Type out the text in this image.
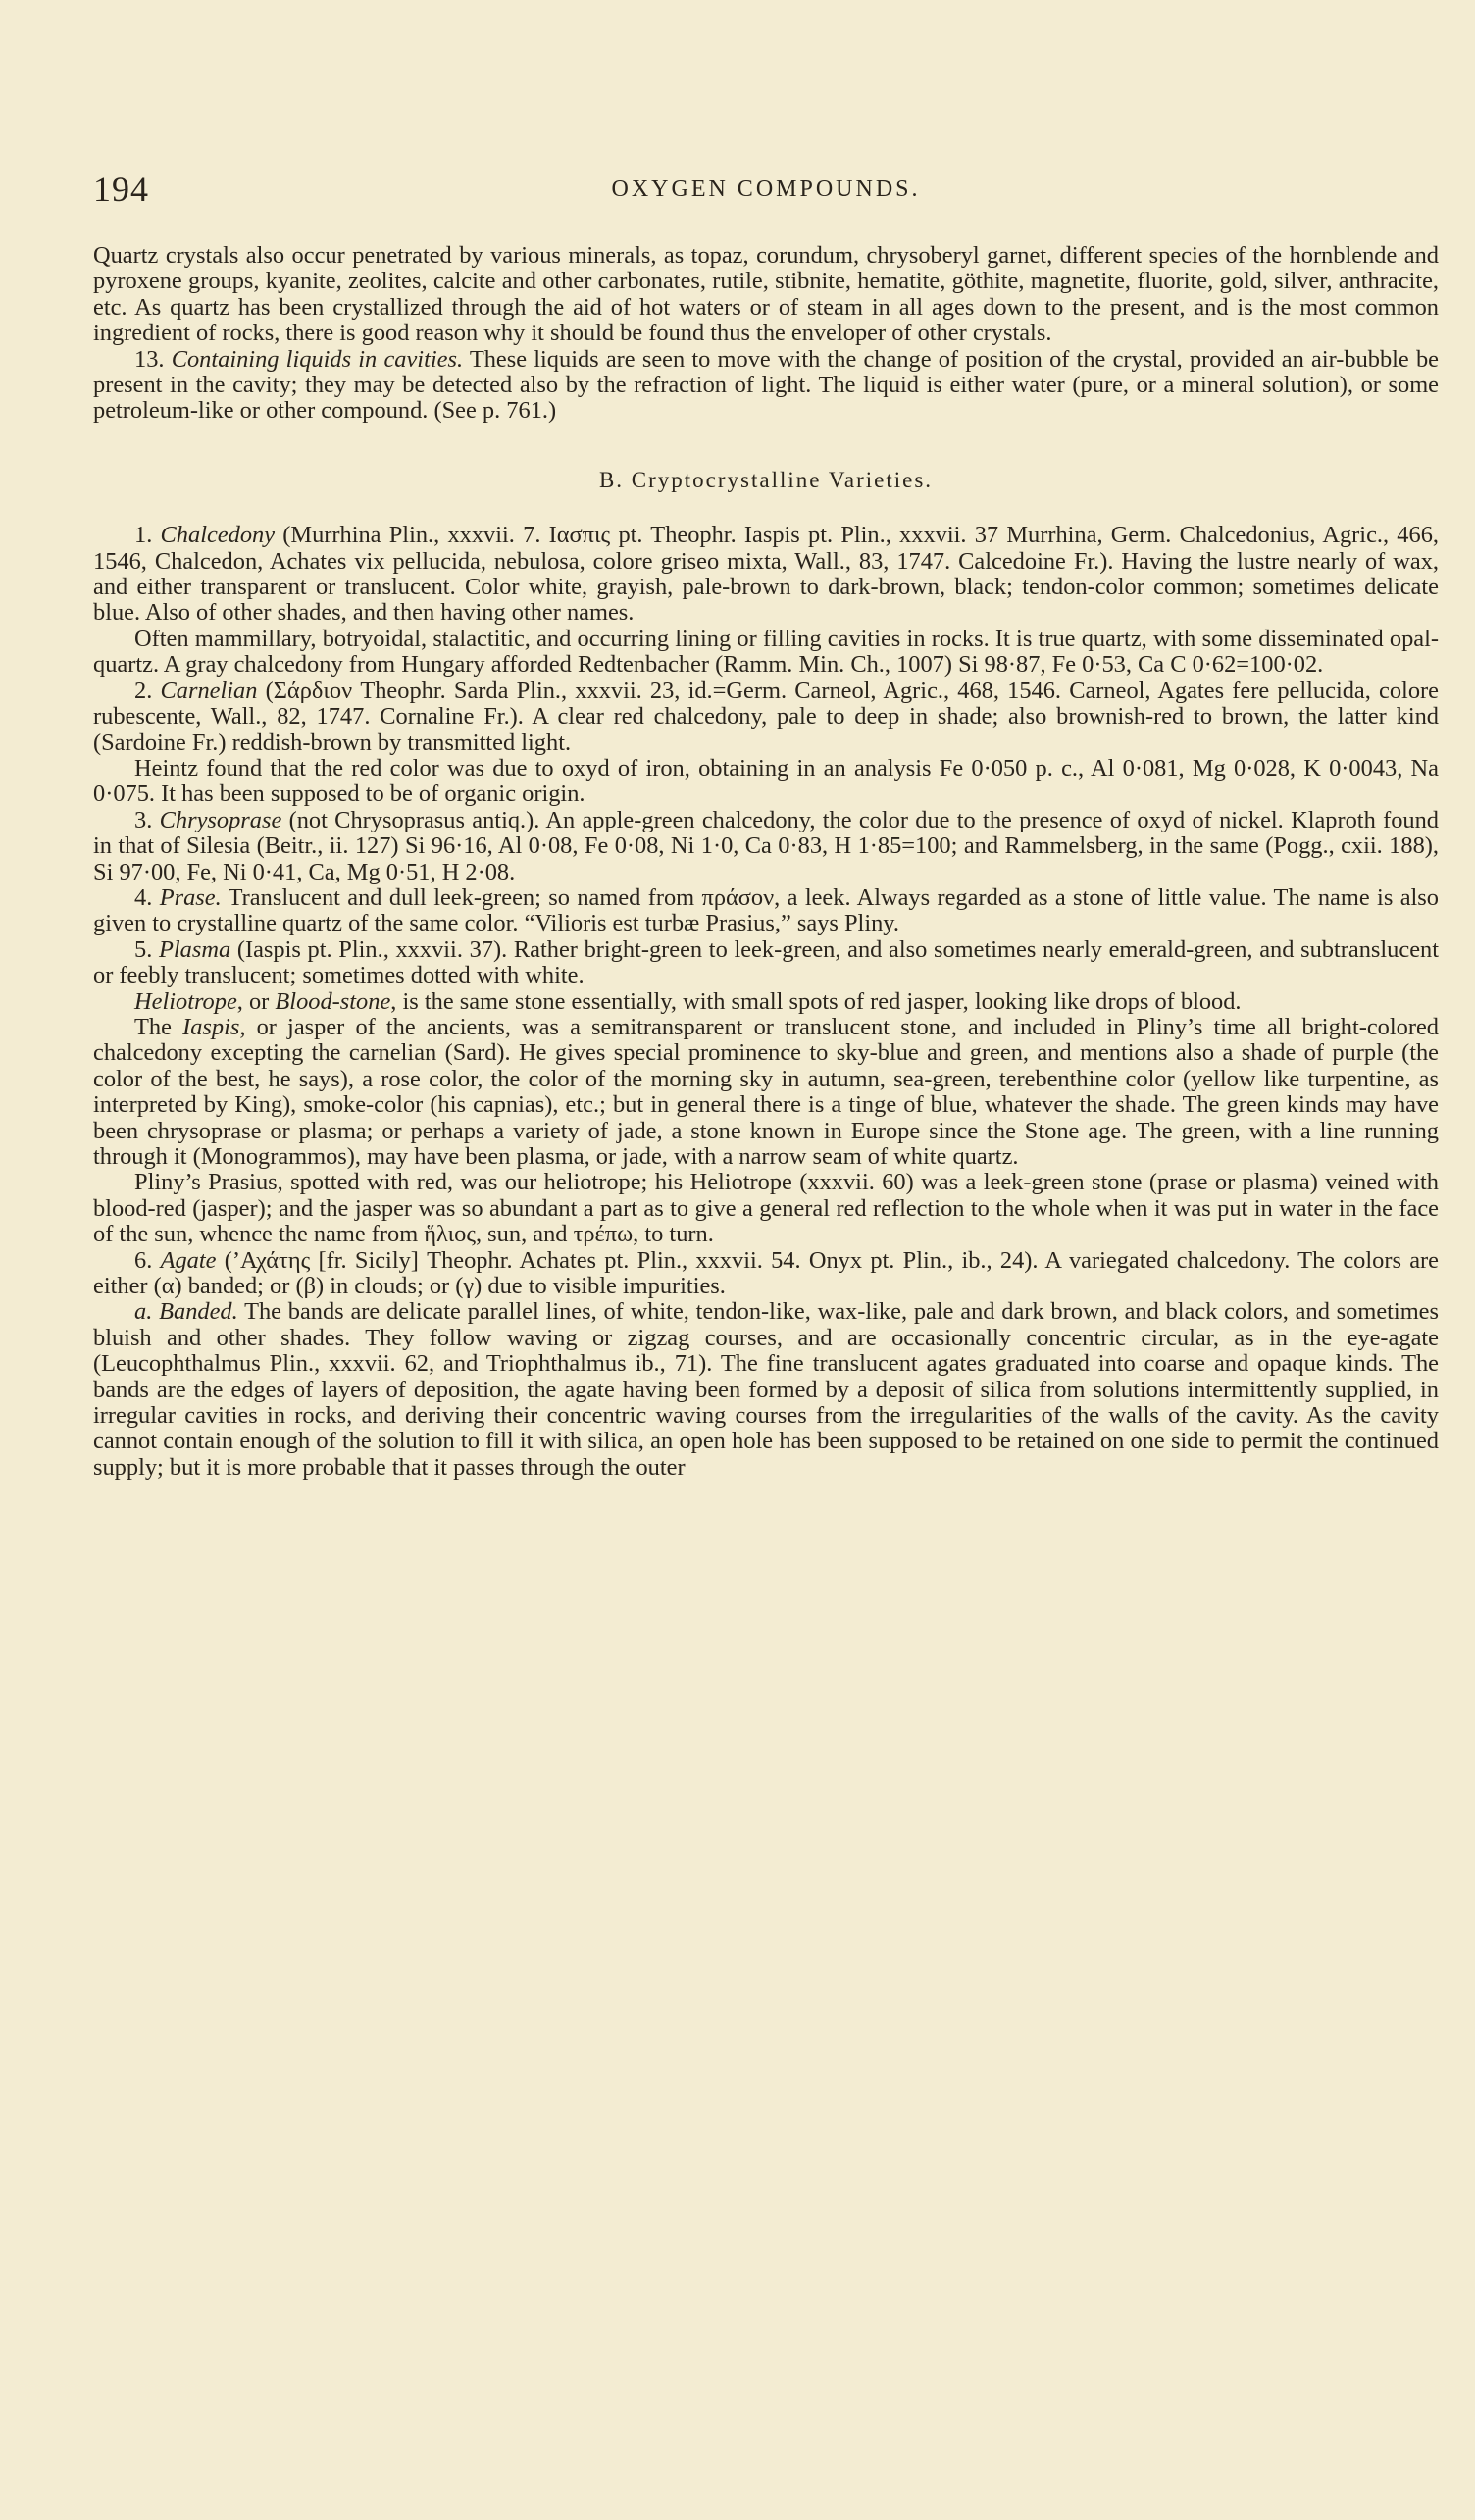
194	OXYGEN COMPOUNDS.

Quartz crystals also occur penetrated by various minerals, as topaz, corundum, chrysoberyl garnet, different species of the hornblende and pyroxene groups, kyanite, zeolites, calcite and other carbonates, rutile, stibnite, hematite, göthite, magnetite, fluorite, gold, silver, anthracite, etc. As quartz has been crystallized through the aid of hot waters or of steam in all ages down to the present, and is the most common ingredient of rocks, there is good reason why it should be found thus the enveloper of other crystals.

13. Containing liquids in cavities. These liquids are seen to move with the change of position of the crystal, provided an air-bubble be present in the cavity; they may be detected also by the refraction of light. The liquid is either water (pure, or a mineral solution), or some petroleum-like or other compound. (See p. 761.)

B. Cryptocrystalline Varieties.

1. Chalcedony (Murrhina Plin., xxxvii. 7. Ιασπις pt. Theophr. Iaspis pt. Plin., xxxvii. 37 Murrhina, Germ. Chalcedonius, Agric., 466, 1546, Chalcedon, Achates vix pellucida, nebulosa, colore griseo mixta, Wall., 83, 1747. Calcedoine Fr.). Having the lustre nearly of wax, and either transparent or translucent. Color white, grayish, pale-brown to dark-brown, black; tendon-color common; sometimes delicate blue. Also of other shades, and then having other names.

Often mammillary, botryoidal, stalactitic, and occurring lining or filling cavities in rocks. It is true quartz, with some disseminated opal-quartz. A gray chalcedony from Hungary afforded Redtenbacher (Ramm. Min. Ch., 1007) Si 98·87, Fe 0·53, Ca C 0·62=100·02.

2. Carnelian (Σάρδιον Theophr. Sarda Plin., xxxvii. 23, id.=Germ. Carneol, Agric., 468, 1546. Carneol, Agates fere pellucida, colore rubescente, Wall., 82, 1747. Cornaline Fr.). A clear red chalcedony, pale to deep in shade; also brownish-red to brown, the latter kind (Sardoine Fr.) reddish-brown by transmitted light.

Heintz found that the red color was due to oxyd of iron, obtaining in an analysis Fe 0·050 p. c., Al 0·081, Mg 0·028, K 0·0043, Na 0·075. It has been supposed to be of organic origin.

3. Chrysoprase (not Chrysoprasus antiq.). An apple-green chalcedony, the color due to the presence of oxyd of nickel. Klaproth found in that of Silesia (Beitr., ii. 127) Si 96·16, Al 0·08, Fe 0·08, Ni 1·0, Ca 0·83, H 1·85=100; and Rammelsberg, in the same (Pogg., cxii. 188), Si 97·00, Fe, Ni 0·41, Ca, Mg 0·51, H 2·08.

4. Prase. Translucent and dull leek-green; so named from πράσον, a leek. Always regarded as a stone of little value. The name is also given to crystalline quartz of the same color. “Vilioris est turbæ Prasius,” says Pliny.

5. Plasma (Iaspis pt. Plin., xxxvii. 37). Rather bright-green to leek-green, and also sometimes nearly emerald-green, and subtranslucent or feebly translucent; sometimes dotted with white.

Heliotrope, or Blood-stone, is the same stone essentially, with small spots of red jasper, looking like drops of blood.

The Iaspis, or jasper of the ancients, was a semitransparent or translucent stone, and included in Pliny’s time all bright-colored chalcedony excepting the carnelian (Sard). He gives special prominence to sky-blue and green, and mentions also a shade of purple (the color of the best, he says), a rose color, the color of the morning sky in autumn, sea-green, terebenthine color (yellow like turpentine, as interpreted by King), smoke-color (his capnias), etc.; but in general there is a tinge of blue, whatever the shade. The green kinds may have been chrysoprase or plasma; or perhaps a variety of jade, a stone known in Europe since the Stone age. The green, with a line running through it (Monogrammos), may have been plasma, or jade, with a narrow seam of white quartz.

Pliny’s Prasius, spotted with red, was our heliotrope; his Heliotrope (xxxvii. 60) was a leek-green stone (prase or plasma) veined with blood-red (jasper); and the jasper was so abundant a part as to give a general red reflection to the whole when it was put in water in the face of the sun, whence the name from ἥλιος, sun, and τρέπω, to turn.

6. Agate (’Αχάτης [fr. Sicily] Theophr. Achates pt. Plin., xxxvii. 54. Onyx pt. Plin., ib., 24). A variegated chalcedony. The colors are either (α) banded; or (β) in clouds; or (γ) due to visible impurities.

a. Banded. The bands are delicate parallel lines, of white, tendon-like, wax-like, pale and dark brown, and black colors, and sometimes bluish and other shades. They follow waving or zigzag courses, and are occasionally concentric circular, as in the eye-agate (Leucophthalmus Plin., xxxvii. 62, and Triophthalmus ib., 71). The fine translucent agates graduated into coarse and opaque kinds. The bands are the edges of layers of deposition, the agate having been formed by a deposit of silica from solutions intermittently supplied, in irregular cavities in rocks, and deriving their concentric waving courses from the irregularities of the walls of the cavity. As the cavity cannot contain enough of the solution to fill it with silica, an open hole has been supposed to be retained on one side to permit the continued supply; but it is more probable that it passes through the outer
